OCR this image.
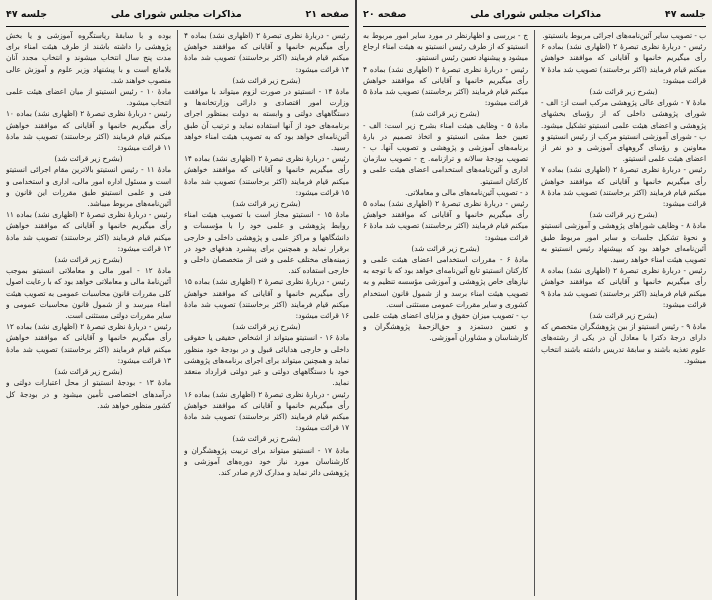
صفحه ۲۱
مذاکرات مجلس شورای ملی
جلسه ۴۷

رئیس - دربارهٔ نظری تبصرهٔ ۲ (اظهاری نشد) بماده ۴ رأی میگیریم خانمها و آقایانی که موافقند خواهش میکنم قیام فرمایند (اکثر برخاستند) تصویب شد مادهٔ ۱۴ قرائت میشود:

(بشرح زیر قرائت شد)

مادهٔ ۱۴ - انستیتو در صورت لزوم میتواند با موافقت وزارت امور اقتصادی و دارائی وزارتخانه‌ها و دستگاههای دولتی و وابسته به دولت بمنظور اجرای برنامه‌های خود از آنها استفاده نماید و ترتیب آن طبق آئین‌نامه‌ای خواهد بود که به تصویب هیئت امناء خواهد رسید.

رئیس - دربارهٔ نظری تبصرهٔ ۲ (اظهاری نشد) بماده ۱۴ رأی میگیریم خانمها و آقایانی که موافقند خواهش میکنم قیام فرمایند (اکثر برخاستند) تصویب شد مادهٔ ۱۵ قرائت میشود:

(بشرح زیر قرائت شد)

مادهٔ ۱۵ - انستیتو مجاز است با تصویب هیئت امناء روابط پژوهشی و علمی خود را با مؤسسات و دانشگاهها و مراکز علمی و پژوهشی داخلی و خارجی برقرار نماید و همچنین برای پیشبرد هدفهای خود در زمینه‌های مختلف علمی و فنی از متخصصان داخلی و خارجی استفاده کند.

رئیس - دربارهٔ نظری تبصرهٔ ۲ (اظهاری نشد) بماده ۱۵ رأی میگیریم خانمها و آقایانی که موافقند خواهش میکنم قیام فرمایند (اکثر برخاستند) تصویب شد مادهٔ ۱۶ قرائت میشود:

(بشرح زیر قرائت شد)

مادهٔ ۱۶ - انستیتو میتواند از اشخاص حقیقی یا حقوقی داخلی و خارجی هدایائی قبول و در بودجهٔ خود منظور نماید و همچنین میتواند برای اجرای برنامه‌های پژوهشی خود با دستگاههای دولتی و غیر دولتی قرارداد منعقد نماید.

رئیس - دربارهٔ نظری تبصرهٔ ۲ (اظهاری نشد) بماده ۱۶ رأی میگیریم خانمها و آقایانی که موافقند خواهش میکنم قیام فرمایند (اکثر برخاستند) تصویب شد مادهٔ ۱۷ قرائت میشود:

(بشرح زیر قرائت شد)

مادهٔ ۱۷ - انستیتو میتواند برای تربیت پژوهشگران و کارشناسان مورد نیاز خود دوره‌های آموزشی و پژوهشی دائر نماید و مدارک لازم صادر کند.

بوده و با سابقهٔ ریاستگروه آموزشی و یا بخش پژوهشی را داشته باشند از طرف هیئت امناء برای مدت پنج سال انتخاب میشوند و انتخاب مجدد آنان بلامانع است و با پیشنهاد وزیر علوم و آموزش عالی منصوب خواهند شد.

مادهٔ ۱۰ - رئیس انستیتو از میان اعضای هیئت علمی انتخاب میشود.

رئیس - دربارهٔ نظری تبصرهٔ ۲ (اظهاری نشد) بماده ۱۰ رأی میگیریم خانمها و آقایانی که موافقند خواهش میکنم قیام فرمایند (اکثر برخاستند) تصویب شد مادهٔ ۱۱ قرائت میشود:

(بشرح زیر قرائت شد)

مادهٔ ۱۱ - رئیس انستیتو بالاترین مقام اجرائی انستیتو است و مسئول اداره امور مالی، اداری و استخدامی و فنی و علمی انستیتو طبق مقررات این قانون و آئین‌نامه‌های مربوط میباشد.

رئیس - دربارهٔ نظری تبصرهٔ ۲ (اظهاری نشد) بماده ۱۱ رأی میگیریم خانمها و آقایانی که موافقند خواهش میکنم قیام فرمایند (اکثر برخاستند) تصویب شد مادهٔ ۱۲ قرائت میشود:

(بشرح زیر قرائت شد)

مادهٔ ۱۲ - امور مالی و معاملاتی انستیتو بموجب آئین‌نامهٔ مالی و معاملاتی خواهد بود که با رعایت اصول کلی مقررات قانون محاسبات عمومی به تصویب هیئت امناء میرسد و از شمول قانون محاسبات عمومی و سایر مقررات دولتی مستثنی است.

رئیس - دربارهٔ نظری تبصرهٔ ۲ (اظهاری نشد) بماده ۱۲ رأی میگیریم خانمها و آقایانی که موافقند خواهش میکنم قیام فرمایند (اکثر برخاستند) تصویب شد مادهٔ ۱۳ قرائت میشود:

(بشرح زیر قرائت شد)

مادهٔ ۱۳ - بودجهٔ انستیتو از محل اعتبارات دولتی و درآمدهای اختصاصی تأمین میشود و در بودجهٔ کل کشور منظور خواهد شد.

جلسه ۴۷
مذاکرات مجلس شورای ملی
صفحه ۲۰

ب - تصویب سایر آئین‌نامه‌های اجرائی مربوط بانستیتو.

رئیس - دربارهٔ نظری تبصرهٔ ۲ (اظهاری نشد) بماده ۶ رأی میگیریم خانمها و آقایانی که موافقند خواهش میکنم قیام فرمایند (اکثر برخاستند) تصویب شد مادهٔ ۷ قرائت میشود:

(بشرح زیر قرائت شد)

مادهٔ ۷ - شورای عالی پژوهشی مرکب است از: الف - شورای پژوهشی داخلی که از رؤسای بخشهای پژوهشی و اعضای هیئت علمی انستیتو تشکیل میشود. ب - شورای آموزشی انستیتو مرکب از رئیس انستیتو و معاونین و رؤسای گروههای آموزشی و دو نفر از اعضای هیئت علمی انستیتو.

رئیس - دربارهٔ نظری تبصرهٔ ۲ (اظهاری نشد) بماده ۷ رأی میگیریم خانمها و آقایانی که موافقند خواهش میکنم قیام فرمایند (اکثر برخاستند) تصویب شد مادهٔ ۸ قرائت میشود:

(بشرح زیر قرائت شد)

مادهٔ ۸ - وظایف شوراهای پژوهشی و آموزشی انستیتو و نحوهٔ تشکیل جلسات و سایر امور مربوط طبق آئین‌نامه‌ای خواهد بود که بپیشنهاد رئیس انستیتو به تصویب هیئت امناء خواهد رسید.

رئیس - دربارهٔ نظری تبصرهٔ ۲ (اظهاری نشد) بماده ۸ رأی میگیریم خانمها و آقایانی که موافقند خواهش میکنم قیام فرمایند (اکثر برخاستند) تصویب شد مادهٔ ۹ قرائت میشود:

(بشرح زیر قرائت شد)

مادهٔ ۹ - رئیس انستیتو از بین پژوهشگران متخصص که دارای درجهٔ دکترا یا معادل آن در یکی از رشته‌های علوم تغذیه باشند و سابقهٔ تدریس داشته باشند انتخاب میشود.

ج - بررسی و اظهارنظر در مورد سایر امور مربوط به انستیتو که از طرف رئیس انستیتو به هیئت امناء ارجاع میشود و پیشنهاد تعیین رئیس انستیتو.

رئیس - دربارهٔ نظری تبصرهٔ ۲ (اظهاری نشد) بماده ۴ رأی میگیریم خانمها و آقایانی که موافقند خواهش میکنم قیام فرمایند (اکثر برخاستند) تصویب شد مادهٔ ۵ قرائت میشود:

(بشرح زیر قرائت شد)

مادهٔ ۵ - وظایف هیئت امناء بشرح زیر است: الف - تعیین خط مشی انستیتو و اتخاذ تصمیم در بارهٔ برنامه‌های آموزشی و پژوهشی و تصویب آنها. ب - تصویب بودجهٔ سالانه و ترازنامه. ج - تصویب سازمان اداری و آئین‌نامه‌های استخدامی اعضای هیئت علمی و کارکنان انستیتو.

د - تصویب آئین‌نامه‌های مالی و معاملاتی.

رئیس - دربارهٔ نظری تبصرهٔ ۲ (اظهاری نشد) بماده ۵ رأی میگیریم خانمها و آقایانی که موافقند خواهش میکنم قیام فرمایند (اکثر برخاستند) تصویب شد مادهٔ ۶ قرائت میشود:

(بشرح زیر قرائت شد)

مادهٔ ۶ - مقررات استخدامی اعضای هیئت علمی و کارکنان انستیتو تابع آئین‌نامه‌ای خواهد بود که با توجه به نیازهای خاص پژوهشی و آموزشی مؤسسه تنظیم و به تصویب هیئت امناء برسد و از شمول قانون استخدام کشوری و سایر مقررات عمومی مستثنی است.

ب - تصویب میزان حقوق و مزایای اعضای هیئت علمی و تعیین دستمزد و حق‌الزحمهٔ پژوهشگران و کارشناسان و مشاوران آموزشی.
